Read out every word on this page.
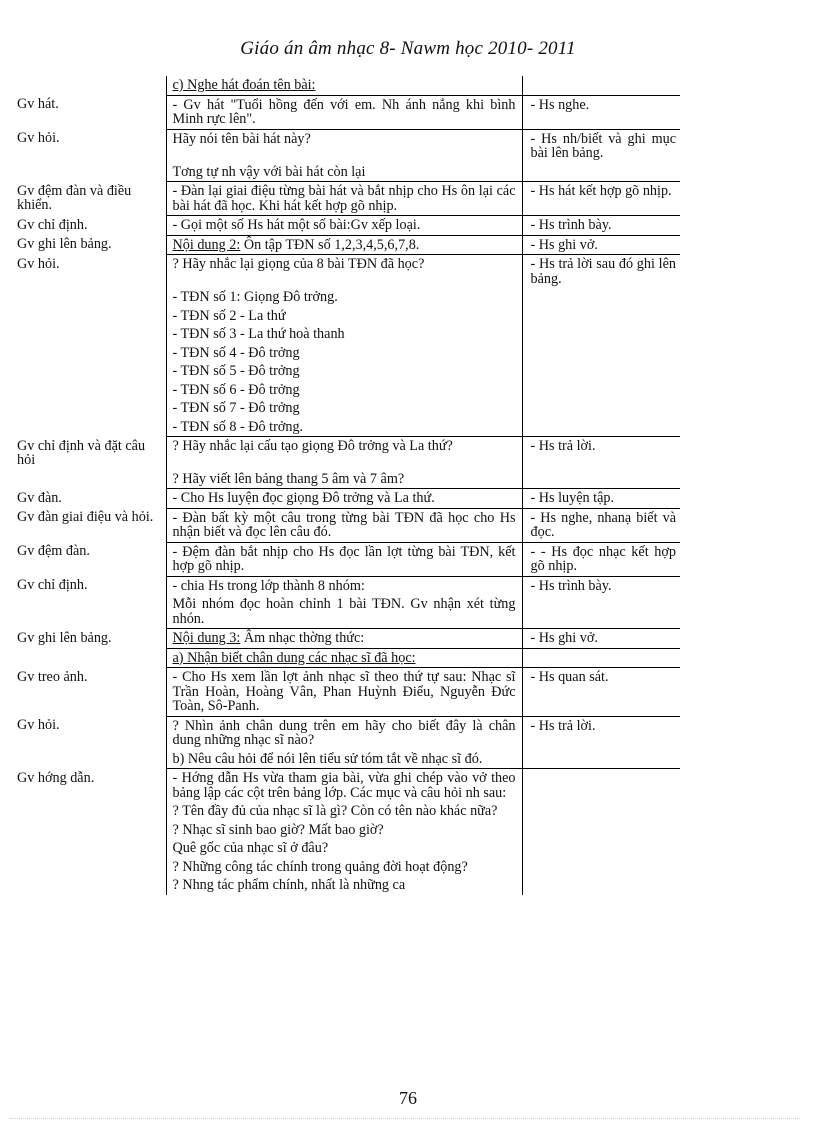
Giáo án âm nhạc 8- Nawm học 2010- 2011
	c) Nghe hát đoán tên bài:	
Gv hát.	- Gv hát "Tuổi hồng đến với em. Nh ánh nắng khi bình Minh rực lên".	- Hs nghe.
Gv hỏi.	Hãy nói tên bài hát này?	- Hs nh/biết và ghi mục bài lên bảng.
	Tơng tự nh vậy với bài hát còn lại	
Gv đệm đàn và điều khiển.	- Đàn lại giai điệu từng bài hát và bắt nhịp cho Hs ôn lại các bài hát đã học. Khi hát kết hợp gõ nhịp.	- Hs hát kết hợp gõ nhịp.
Gv chỉ định.	- Gọi một số Hs hát một số bài:Gv xếp loại.	- Hs trình bày.
Gv ghi lên bảng.	Nội dung 2: Ôn tập TĐN số 1,2,3,4,5,6,7,8.	- Hs ghi vở.
Gv hỏi.	? Hãy nhắc lại giọng của 8 bài TĐN đã học?	- Hs trả lời sau đó ghi lên bảng.
	- TĐN số 1: Giọng Đô trởng.	
	- TĐN số 2 - La thứ	
	- TĐN số 3 - La thứ hoà thanh	
	- TĐN số 4 - Đô trởng	
	- TĐN số 5 - Đô trởng	
	- TĐN số 6 - Đô trởng	
	- TĐN số 7 - Đô trởng	
	- TĐN số 8 - Đô trởng.	
Gv chỉ định và đặt câu hỏi	? Hãy nhắc lại cấu tạo giọng Đô trởng và La thứ?	- Hs trả lời.
	? Hãy viết lên bảng thang 5 âm và 7 âm?	
Gv đàn.	- Cho Hs luyện đọc giọng Đô trởng và La thứ.	- Hs luyện tập.
Gv đàn giai điệu và hỏi.	- Đàn bất kỳ một câu trong từng bài TĐN đã học cho Hs nhận biết và đọc lên câu đó.	- Hs nghe, nhanạ biết và đọc.
Gv đệm đàn.	- Đệm đàn bắt nhịp cho Hs đọc lần lợt từng bài TĐN, kết hợp gõ nhịp.	- - Hs đọc nhạc kết hợp gõ nhịp.
Gv chỉ định.	- chia Hs trong lớp thành 8 nhóm:	- Hs trình bày.
	Mỗi nhóm đọc hoàn chỉnh 1 bài TĐN. Gv nhận xét từng nhón.	
Gv ghi lên bảng.	Nội dung 3: Âm nhạc thờng thức:	- Hs ghi vở.
	a) Nhận biết chân dung các nhạc sĩ đã học:	
Gv treo ảnh.	- Cho Hs xem lần lợt ảnh nhạc sĩ theo thứ tự sau: Nhạc sĩ Trần Hoàn, Hoàng Vân, Phan Huỳnh Điểu, Nguyễn Đức Toàn, Sô-Panh.	- Hs quan sát.
Gv hỏi.	? Nhìn ảnh chân dung trên em hãy cho biết đây là chân dung những nhạc sĩ nào?	- Hs trả lời.
	b) Nêu câu hỏi để nói lên tiểu sử tóm tắt về nhạc sĩ đó.	
Gv hớng dẫn.	- Hớng dẫn Hs vừa tham gia bài, vừa ghi chép vào vở theo bảng lập các cột trên bảng lớp. Các mục và câu hỏi nh sau:	
	? Tên đầy đủ của nhạc sĩ là gì? Còn có tên nào khác nữa?	
	? Nhạc sĩ sinh bao giờ? Mất bao giờ?	
	Quê gốc của nhạc sĩ ở đâu?	
	? Những công tác chính trong quảng đời hoạt động?	
	? Nhng tác phẩm chính, nhất là những ca	
76
